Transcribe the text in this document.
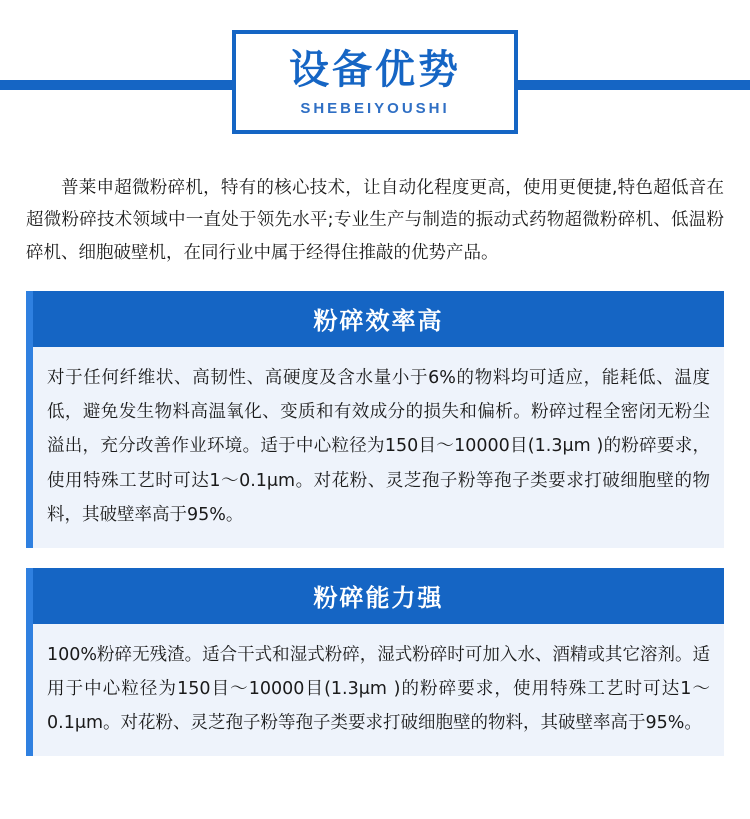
设备优势
SHEBEIYOUSHI

普莱申超微粉碎机，特有的核心技术，让自动化程度更高，使用更便捷,特色超低音在超微粉碎技术领域中一直处于领先水平;专业生产与制造的振动式药物超微粉碎机、低温粉碎机、细胞破壁机，在同行业中属于经得住推敲的优势产品。

粉碎效率高
对于任何纤维状、高韧性、高硬度及含水量小于6%的物料均可适应，能耗低、温度低，避免发生物料高温氧化、变质和有效成分的损失和偏析。粉碎过程全密闭无粉尘溢出，充分改善作业环境。适于中心粒径为150目～10000目(1.3μm )的粉碎要求，使用特殊工艺时可达1～0.1μm。对花粉、灵芝孢子粉等孢子类要求打破细胞壁的物料，其破壁率高于95%。
粉碎能力强
100%粉碎无残渣。适合干式和湿式粉碎，湿式粉碎时可加入水、酒精或其它溶剂。适用于中心粒径为150目～10000目(1.3μm )的粉碎要求，使用特殊工艺时可达1～0.1μm。对花粉、灵芝孢子粉等孢子类要求打破细胞壁的物料，其破壁率高于95%。
